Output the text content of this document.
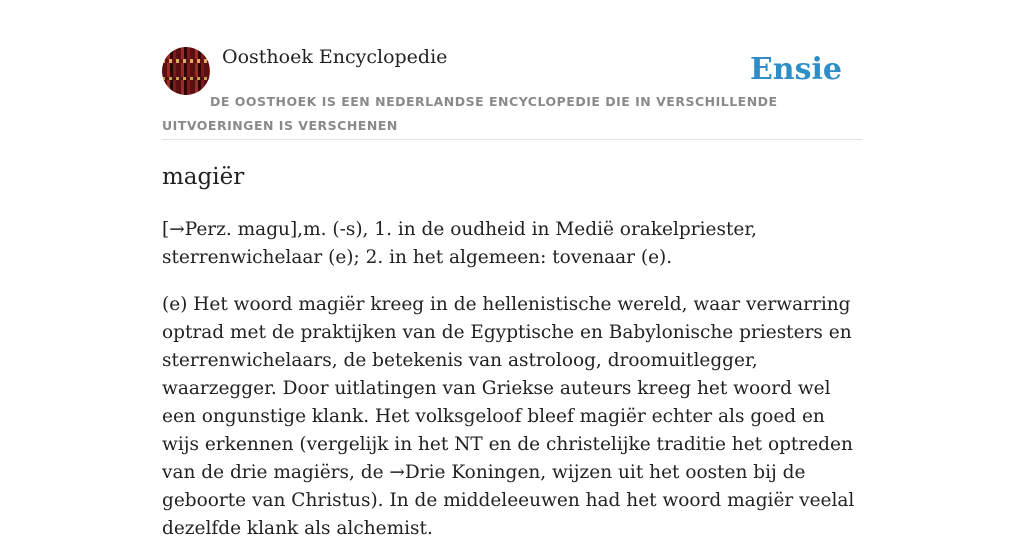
Oosthoek Encyclopedie	Ensie
DE OOSTHOEK IS EEN NEDERLANDSE ENCYCLOPEDIE DIE IN VERSCHILLENDE UITVOERINGEN IS VERSCHENEN
magiër

[→Perz. magu],m. (-s), 1. in de oudheid in Medië orakelpriester, sterrenwichelaar (e); 2. in het algemeen: tovenaar (e).

(e) Het woord magiër kreeg in de hellenistische wereld, waar verwarring optrad met de praktijken van de Egyptische en Babylonische priesters en sterrenwichelaars, de betekenis van astroloog, droomuitlegger, waarzegger. Door uitlatingen van Griekse auteurs kreeg het woord wel een ongunstige klank. Het volksgeloof bleef magiër echter als goed en wijs erkennen (vergelijk in het NT en de christelijke traditie het optreden van de drie magiërs, de →Drie Koningen, wijzen uit het oosten bij de geboorte van Christus). In de middeleeuwen had het woord magiër veelal dezelfde klank als alchemist.
